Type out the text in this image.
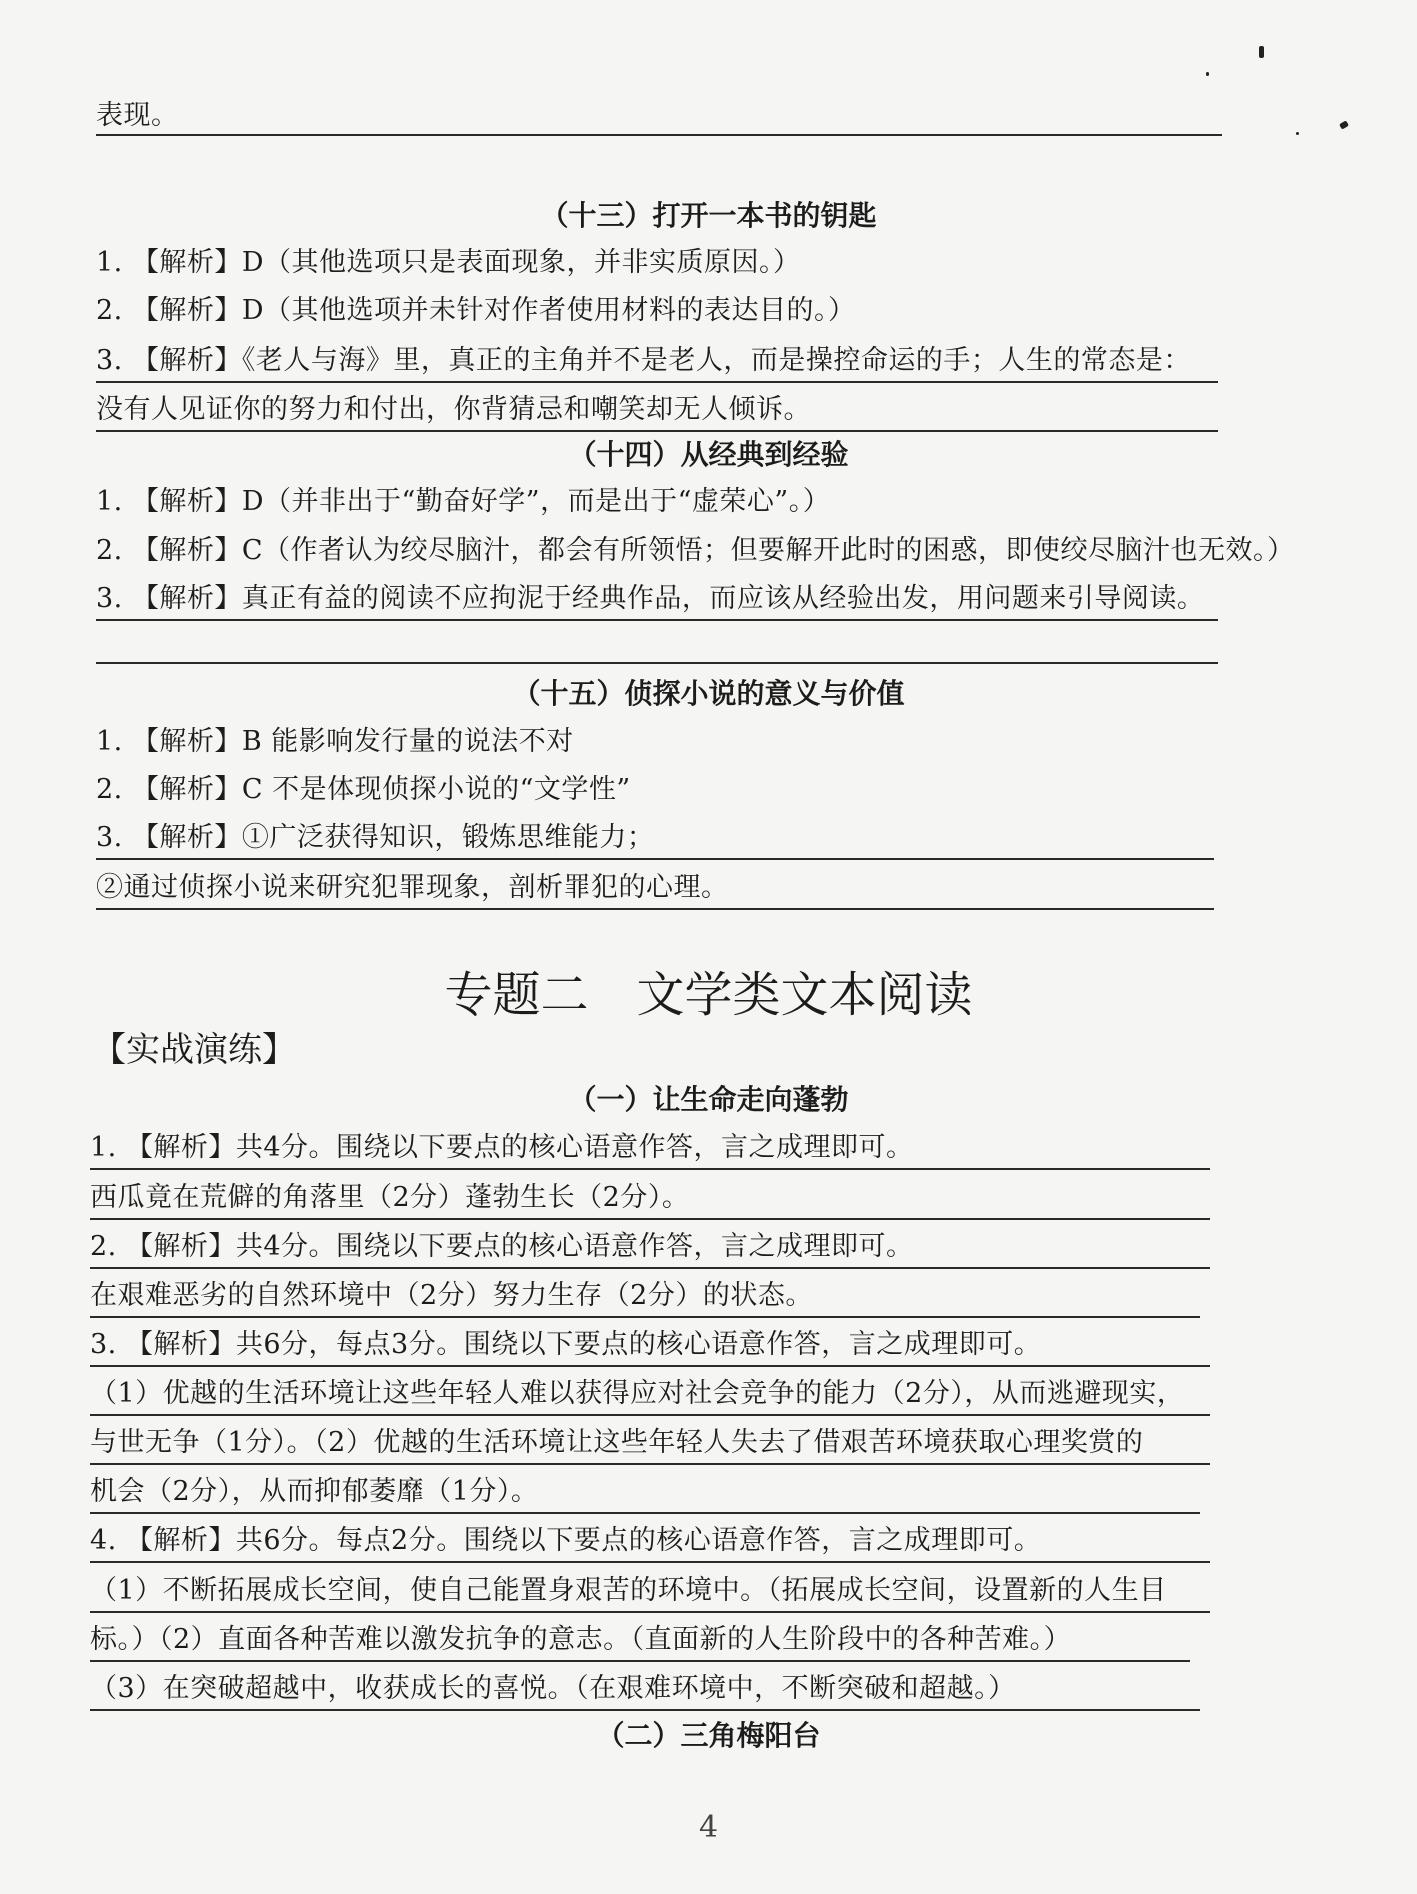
表现。
（十三）打开一本书的钥匙
1. 【解析】D（其他选项只是表面现象，并非实质原因。）
2. 【解析】D（其他选项并未针对作者使用材料的表达目的。）
3. 【解析】《老人与海》里，真正的主角并不是老人，而是操控命运的手；人生的常态是：
没有人见证你的努力和付出，你背猜忌和嘲笑却无人倾诉。
（十四）从经典到经验
1. 【解析】D（并非出于“勤奋好学”，而是出于“虚荣心”。）
2. 【解析】C（作者认为绞尽脑汁，都会有所领悟；但要解开此时的困惑，即使绞尽脑汁也无效。）
3. 【解析】真正有益的阅读不应拘泥于经典作品，而应该从经验出发，用问题来引导阅读。
（十五）侦探小说的意义与价值
1. 【解析】B 能影响发行量的说法不对
2. 【解析】C 不是体现侦探小说的“文学性”
3. 【解析】①广泛获得知识，锻炼思维能力；
②通过侦探小说来研究犯罪现象，剖析罪犯的心理。
专题二　文学类文本阅读
【实战演练】
（一）让生命走向蓬勃
1. 【解析】共4分。围绕以下要点的核心语意作答，言之成理即可。
西瓜竟在荒僻的角落里（2分）蓬勃生长（2分）。
2. 【解析】共4分。围绕以下要点的核心语意作答，言之成理即可。
在艰难恶劣的自然环境中（2分）努力生存（2分）的状态。
3. 【解析】共6分，每点3分。围绕以下要点的核心语意作答，言之成理即可。
（1）优越的生活环境让这些年轻人难以获得应对社会竞争的能力（2分），从而逃避现实，
与世无争（1分）。（2）优越的生活环境让这些年轻人失去了借艰苦环境获取心理奖赏的
机会（2分），从而抑郁萎靡（1分）。
4. 【解析】共6分。每点2分。围绕以下要点的核心语意作答，言之成理即可。
（1）不断拓展成长空间，使自己能置身艰苦的环境中。（拓展成长空间，设置新的人生目
标。）（2）直面各种苦难以激发抗争的意志。（直面新的人生阶段中的各种苦难。）
（3）在突破超越中，收获成长的喜悦。（在艰难环境中，不断突破和超越。）
（二）三角梅阳台
4
